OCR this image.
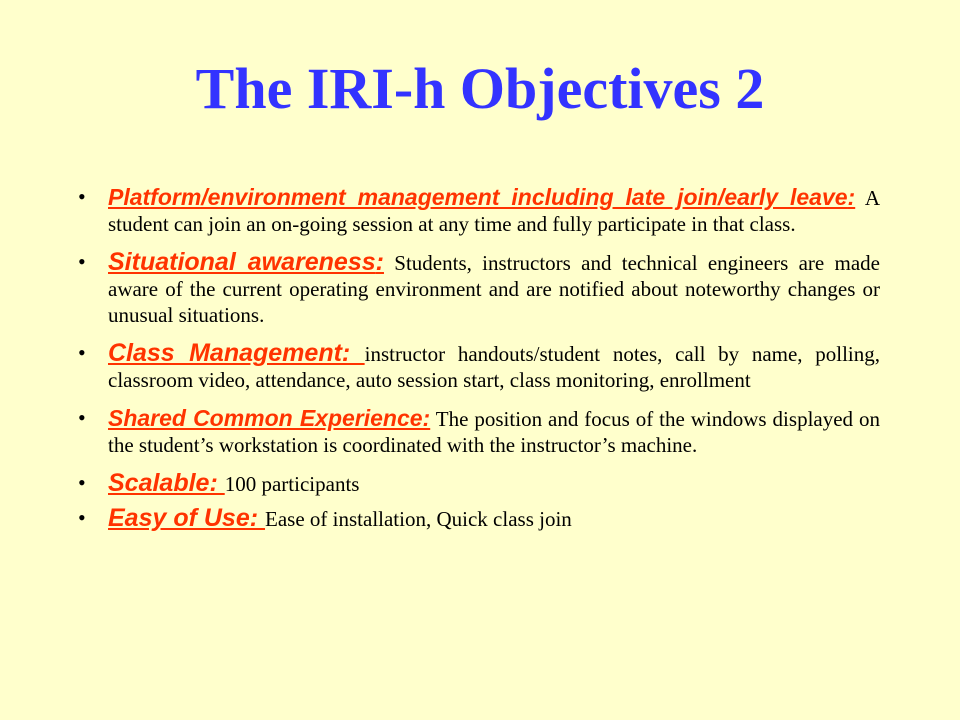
The IRI-h Objectives 2
• Platform/environment management including late join/early leave: A student can join an on-going session at any time and fully participate in that class.
• Situational awareness: Students, instructors and technical engineers are made aware of the current operating environment and are notified about noteworthy changes or unusual situations.
• Class Management: instructor handouts/student notes, call by name, polling, classroom video, attendance, auto session start, class monitoring, enrollment
• Shared Common Experience: The position and focus of the windows displayed on the student’s workstation is coordinated with the instructor’s machine.
• Scalable: 100 participants
• Easy of Use: Ease of installation, Quick class join
